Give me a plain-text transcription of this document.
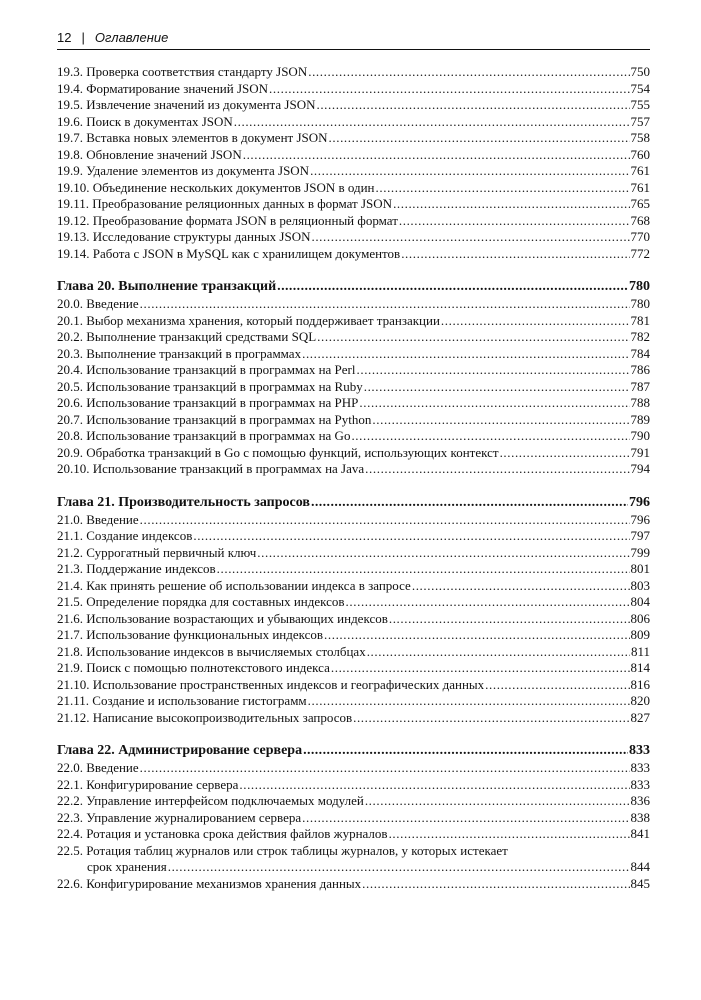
12 | Оглавление
19.3. Проверка соответствия стандарту JSON .....	750
19.4. Форматирование значений JSON .....	754
19.5. Извлечение значений из документа JSON .....	755
19.6. Поиск в документах JSON .....	757
19.7. Вставка новых элементов в документ JSON .....	758
19.8. Обновление значений JSON .....	760
19.9. Удаление элементов из документа JSON .....	761
19.10. Объединение нескольких документов JSON в один .....	761
19.11. Преобразование реляционных данных в формат JSON .....	765
19.12. Преобразование формата JSON в реляционный формат .....	768
19.13. Исследование структуры данных JSON .....	770
19.14. Работа с JSON в MySQL как с хранилищем документов .....	772
Глава 20. Выполнение транзакций .....	780
20.0. Введение .....	780
20.1. Выбор механизма хранения, который поддерживает транзакции .....	781
20.2. Выполнение транзакций средствами SQL .....	782
20.3. Выполнение транзакций в программах .....	784
20.4. Использование транзакций в программах на Perl .....	786
20.5. Использование транзакций в программах на Ruby .....	787
20.6. Использование транзакций в программах на PHP .....	788
20.7. Использование транзакций в программах на Python .....	789
20.8. Использование транзакций в программах на Go .....	790
20.9. Обработка транзакций в Go с помощью функций, использующих контекст .....	791
20.10. Использование транзакций в программах на Java .....	794
Глава 21. Производительность запросов .....	796
21.0. Введение .....	796
21.1. Создание индексов .....	797
21.2. Суррогатный первичный ключ .....	799
21.3. Поддержание индексов .....	801
21.4. Как принять решение об использовании индекса в запросе .....	803
21.5. Определение порядка для составных индексов .....	804
21.6. Использование возрастающих и убывающих индексов .....	806
21.7. Использование функциональных индексов .....	809
21.8. Использование индексов в вычисляемых столбцах .....	811
21.9. Поиск с помощью полнотекстового индекса .....	814
21.10. Использование пространственных индексов и географических данных .....	816
21.11. Создание и использование гистограмм .....	820
21.12. Написание высокопроизводительных запросов .....	827
Глава 22. Администрирование сервера .....	833
22.0. Введение .....	833
22.1. Конфигурирование сервера .....	833
22.2. Управление интерфейсом подключаемых модулей .....	836
22.3. Управление журналированием сервера .....	838
22.4. Ротация и установка срока действия файлов журналов .....	841
22.5. Ротация таблиц журналов или строк таблицы журналов, у которых истекает
срок хранения .....	844
22.6. Конфигурирование механизмов хранения данных .....	845
